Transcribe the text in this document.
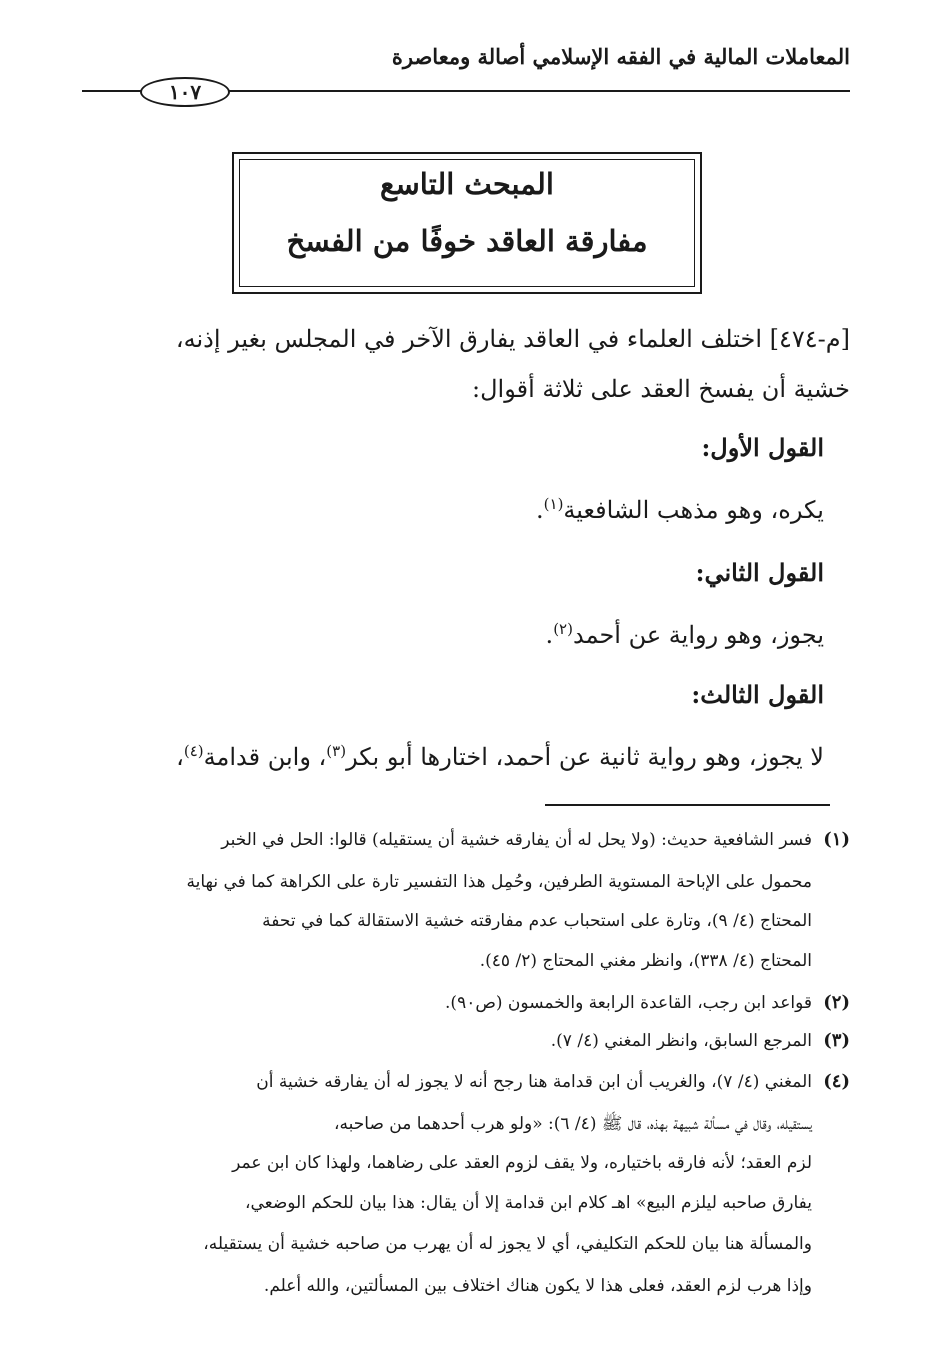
المعاملات المالية في الفقه الإسلامي أصالة ومعاصرة
١٠٧
المبحث التاسع
مفارقة العاقد خوفًا من الفسخ
[م-٤٧٤] اختلف العلماء في العاقد يفارق الآخر في المجلس بغير إذنه،
خشية أن يفسخ العقد على ثلاثة أقوال:
القول الأول:
يكره، وهو مذهب الشافعية$^{(١)}$.
القول الثاني:
يجوز، وهو رواية عن أحمد$^{(٢)}$.
القول الثالث:
لا يجوز، وهو رواية ثانية عن أحمد، اختارها أبو بكر$^{(٣)}$، وابن قدامة$^{(٤)}$،
(١)
فسر الشافعية حديث: (ولا يحل له أن يفارقه خشية أن يستقيله) قالوا: الحل في الخبر
محمول على الإباحة المستوية الطرفين، وحُمِل هذا التفسير تارة على الكراهة كما في نهاية
المحتاج (٤/ ٩)، وتارة على استحباب عدم مفارقته خشية الاستقالة كما في تحفة
المحتاج (٤/ ٣٣٨)، وانظر مغني المحتاج (٢/ ٤٥).
(٢)
قواعد ابن رجب، القاعدة الرابعة والخمسون (ص٩٠).
(٣)
المرجع السابق، وانظر المغني (٤/ ٧).
(٤)
المغني (٤/ ٧)، والغريب أن ابن قدامة هنا رجح أنه لا يجوز له أن يفارقه خشية أن
يستقيله، وقال في مسألة شبيهة بهذه، قال ﷺ (٤/ ٦): «ولو هرب أحدهما من صاحبه،
لزم العقد؛ لأنه فارقه باختياره، ولا يقف لزوم العقد على رضاهما، ولهذا كان ابن عمر
يفارق صاحبه ليلزم البيع» اهـ كلام ابن قدامة إلا أن يقال: هذا بيان للحكم الوضعي،
والمسألة هنا بيان للحكم التكليفي، أي لا يجوز له أن يهرب من صاحبه خشية أن يستقيله،
وإذا هرب لزم العقد، فعلى هذا لا يكون هناك اختلاف بين المسألتين، والله أعلم.
